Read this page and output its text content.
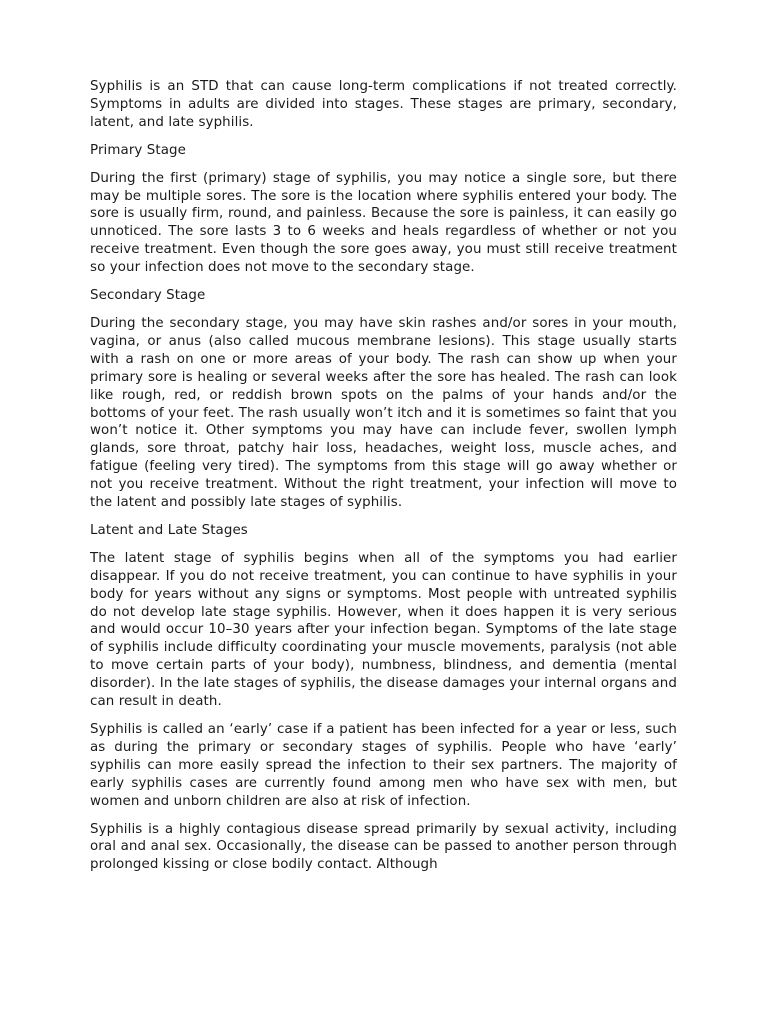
Syphilis is an STD that can cause long-term complications if not treated correctly. Symptoms in adults are divided into stages. These stages are primary, secondary, latent, and late syphilis.

Primary Stage

During the first (primary) stage of syphilis, you may notice a single sore, but there may be multiple sores. The sore is the location where syphilis entered your body. The sore is usually firm, round, and painless. Because the sore is painless, it can easily go unnoticed. The sore lasts 3 to 6 weeks and heals regardless of whether or not you receive treatment. Even though the sore goes away, you must still receive treatment so your infection does not move to the secondary stage.

Secondary Stage

During the secondary stage, you may have skin rashes and/or sores in your mouth, vagina, or anus (also called mucous membrane lesions). This stage usually starts with a rash on one or more areas of your body. The rash can show up when your primary sore is healing or several weeks after the sore has healed. The rash can look like rough, red, or reddish brown spots on the palms of your hands and/or the bottoms of your feet. The rash usually won’t itch and it is sometimes so faint that you won’t notice it. Other symptoms you may have can include fever, swollen lymph glands, sore throat, patchy hair loss, headaches, weight loss, muscle aches, and fatigue (feeling very tired). The symptoms from this stage will go away whether or not you receive treatment. Without the right treatment, your infection will move to the latent and possibly late stages of syphilis.

Latent and Late Stages

The latent stage of syphilis begins when all of the symptoms you had earlier disappear. If you do not receive treatment, you can continue to have syphilis in your body for years without any signs or symptoms. Most people with untreated syphilis do not develop late stage syphilis. However, when it does happen it is very serious and would occur 10–30 years after your infection began. Symptoms of the late stage of syphilis include difficulty coordinating your muscle movements, paralysis (not able to move certain parts of your body), numbness, blindness, and dementia (mental disorder). In the late stages of syphilis, the disease damages your internal organs and can result in death.

Syphilis is called an ‘early’ case if a patient has been infected for a year or less, such as during the primary or secondary stages of syphilis. People who have ‘early’ syphilis can more easily spread the infection to their sex partners. The majority of early syphilis cases are currently found among men who have sex with men, but women and unborn children are also at risk of infection.

Syphilis is a highly contagious disease spread primarily by sexual activity, including oral and anal sex. Occasionally, the disease can be passed to another person through prolonged kissing or close bodily contact. Although
